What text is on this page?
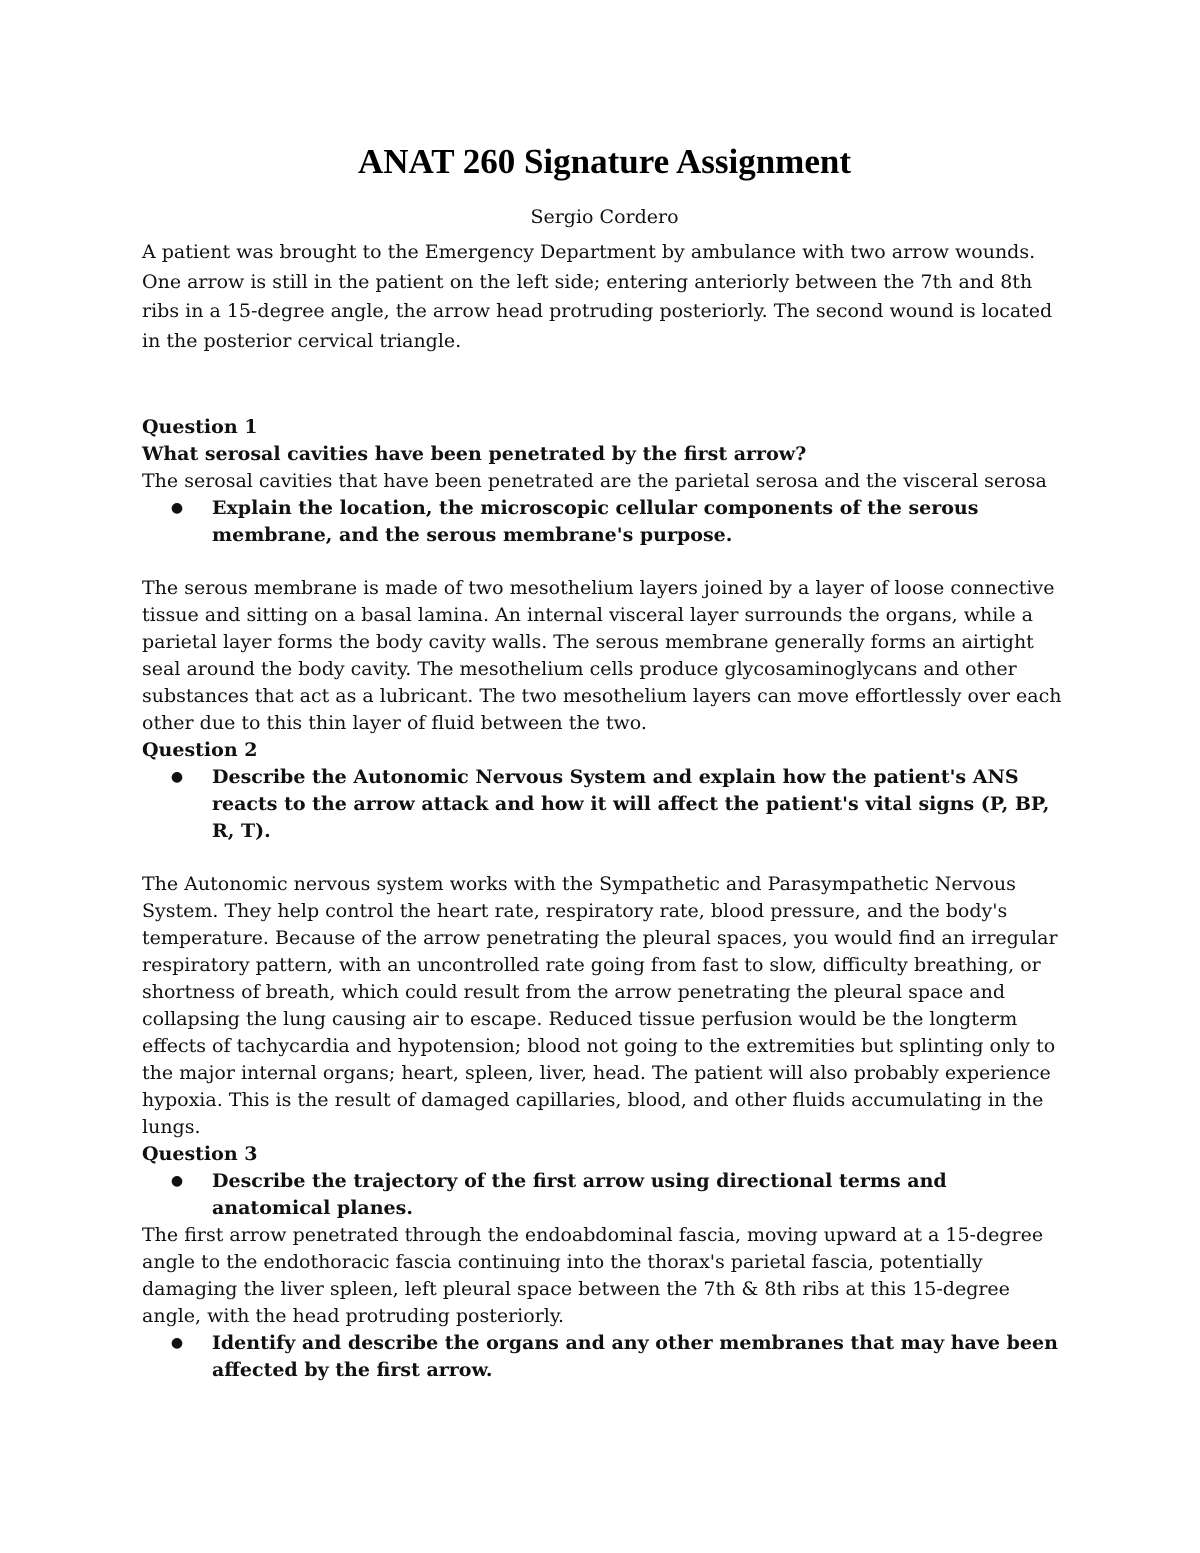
ANAT 260 Signature Assignment

Sergio Cordero

A patient was brought to the Emergency Department by ambulance with two arrow wounds. One arrow is still in the patient on the left side; entering anteriorly between the 7th and 8th ribs in a 15-degree angle, the arrow head protruding posteriorly. The second wound is located in the posterior cervical triangle.

Question 1

What serosal cavities have been penetrated by the first arrow?

The serosal cavities that have been penetrated are the parietal serosa and the visceral serosa

●	Explain the location, the microscopic cellular components of the serous membrane, and the serous membrane's purpose.

The serous membrane is made of two mesothelium layers joined by a layer of loose connective tissue and sitting on a basal lamina. An internal visceral layer surrounds the organs, while a parietal layer forms the body cavity walls. The serous membrane generally forms an airtight seal around the body cavity. The mesothelium cells produce glycosaminoglycans and other substances that act as a lubricant. The two mesothelium layers can move effortlessly over each other due to this thin layer of fluid between the two.

Question 2

●	Describe the Autonomic Nervous System and explain how the patient's ANS reacts to the arrow attack and how it will affect the patient's vital signs (P, BP, R, T).

The Autonomic nervous system works with the Sympathetic and Parasympathetic Nervous System. They help control the heart rate, respiratory rate, blood pressure, and the body's temperature. Because of the arrow penetrating the pleural spaces, you would find an irregular respiratory pattern, with an uncontrolled rate going from fast to slow, difficulty breathing, or shortness of breath, which could result from the arrow penetrating the pleural space and collapsing the lung causing air to escape. Reduced tissue perfusion would be the longterm effects of tachycardia and hypotension; blood not going to the extremities but splinting only to the major internal organs; heart, spleen, liver, head. The patient will also probably experience hypoxia. This is the result of damaged capillaries, blood, and other fluids accumulating in the lungs.

Question 3

●	Describe the trajectory of the first arrow using directional terms and anatomical planes.

The first arrow penetrated through the endoabdominal fascia, moving upward at a 15-degree angle to the endothoracic fascia continuing into the thorax's parietal fascia, potentially damaging the liver spleen, left pleural space between the 7th & 8th ribs at this 15-degree angle, with the head protruding posteriorly.

●	Identify and describe the organs and any other membranes that may have been affected by the first arrow.
